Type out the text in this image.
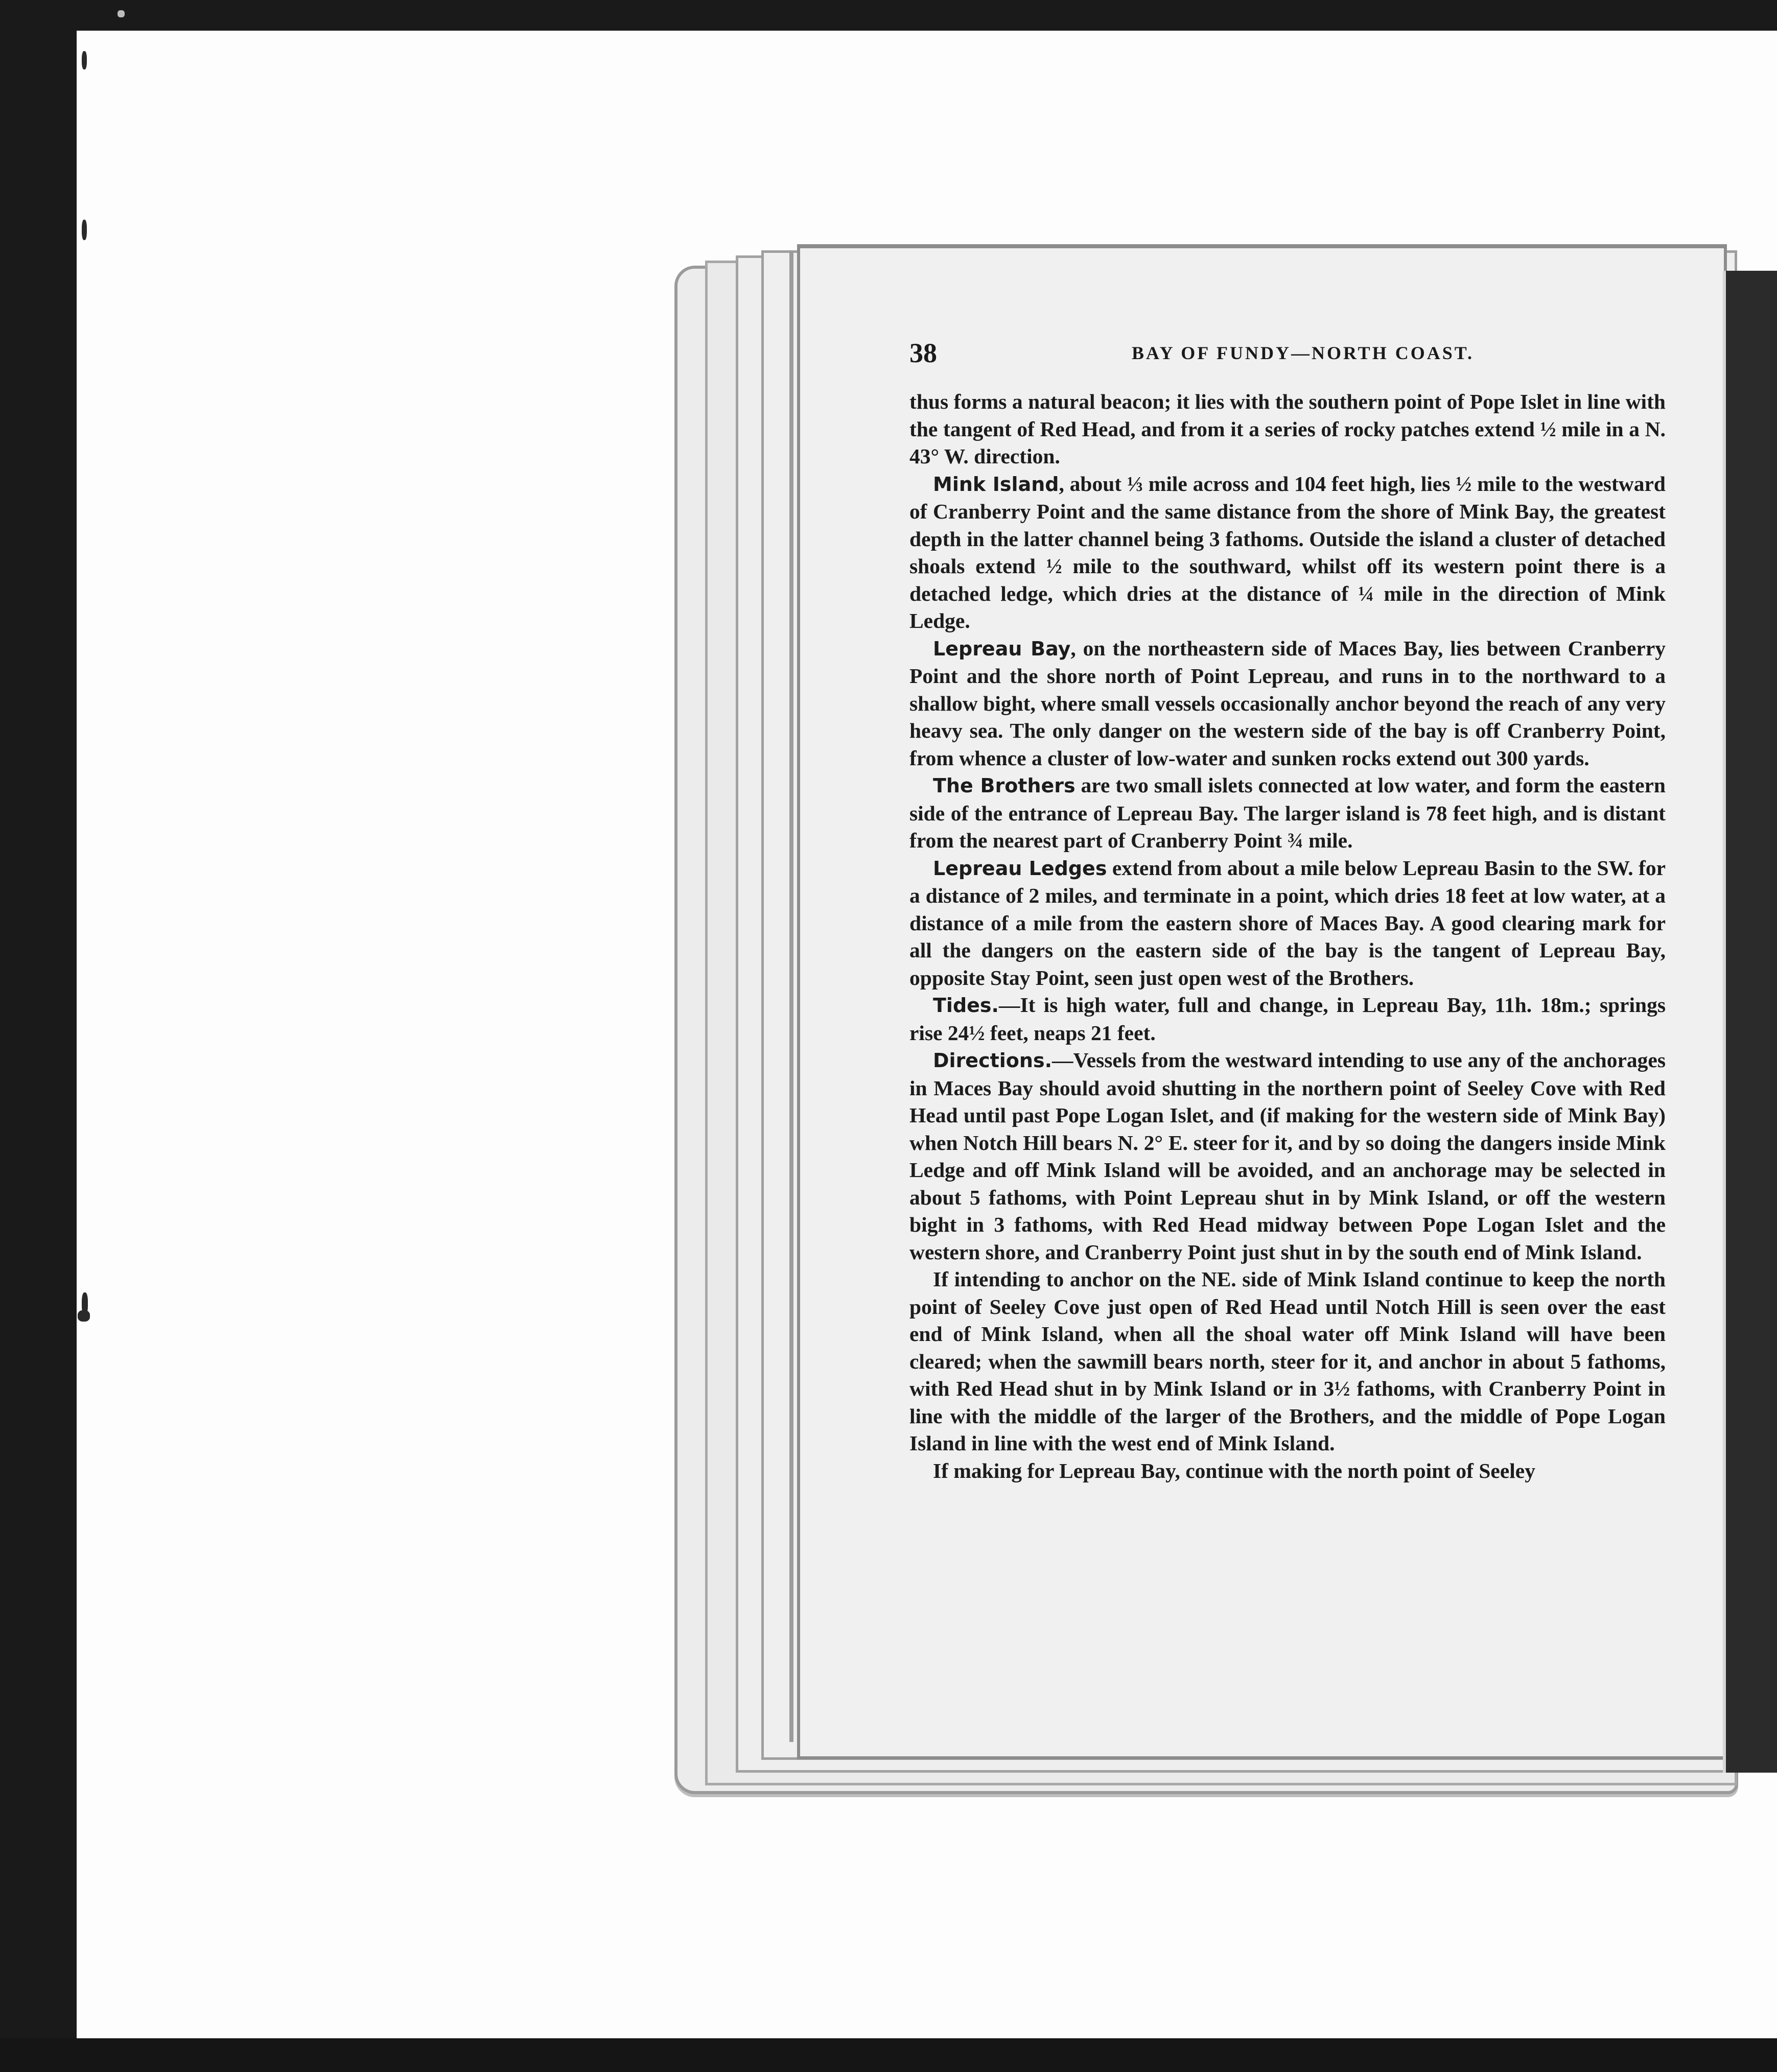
38	BAY OF FUNDY—NORTH COAST.

thus forms a natural beacon; it lies with the southern point of Pope Islet in line with the tangent of Red Head, and from it a series of rocky patches extend ½ mile in a N. 43° W. direction.

Mink Island, about ⅓ mile across and 104 feet high, lies ½ mile to the westward of Cranberry Point and the same distance from the shore of Mink Bay, the greatest depth in the latter channel being 3 fathoms. Outside the island a cluster of detached shoals extend ½ mile to the southward, whilst off its western point there is a detached ledge, which dries at the distance of ¼ mile in the direction of Mink Ledge.

Lepreau Bay, on the northeastern side of Maces Bay, lies between Cranberry Point and the shore north of Point Lepreau, and runs in to the northward to a shallow bight, where small vessels occasionally anchor beyond the reach of any very heavy sea. The only danger on the western side of the bay is off Cranberry Point, from whence a cluster of low-water and sunken rocks extend out 300 yards.

The Brothers are two small islets connected at low water, and form the eastern side of the entrance of Lepreau Bay. The larger island is 78 feet high, and is distant from the nearest part of Cranberry Point ¾ mile.

Lepreau Ledges extend from about a mile below Lepreau Basin to the SW. for a distance of 2 miles, and terminate in a point, which dries 18 feet at low water, at a distance of a mile from the eastern shore of Maces Bay. A good clearing mark for all the dangers on the eastern side of the bay is the tangent of Lepreau Bay, opposite Stay Point, seen just open west of the Brothers.

Tides.—It is high water, full and change, in Lepreau Bay, 11h. 18m.; springs rise 24½ feet, neaps 21 feet.

Directions.—Vessels from the westward intending to use any of the anchorages in Maces Bay should avoid shutting in the northern point of Seeley Cove with Red Head until past Pope Logan Islet, and (if making for the western side of Mink Bay) when Notch Hill bears N. 2° E. steer for it, and by so doing the dangers inside Mink Ledge and off Mink Island will be avoided, and an anchorage may be selected in about 5 fathoms, with Point Lepreau shut in by Mink Island, or off the western bight in 3 fathoms, with Red Head midway between Pope Logan Islet and the western shore, and Cranberry Point just shut in by the south end of Mink Island.

If intending to anchor on the NE. side of Mink Island continue to keep the north point of Seeley Cove just open of Red Head until Notch Hill is seen over the east end of Mink Island, when all the shoal water off Mink Island will have been cleared; when the sawmill bears north, steer for it, and anchor in about 5 fathoms, with Red Head shut in by Mink Island or in 3½ fathoms, with Cranberry Point in line with the middle of the larger of the Brothers, and the middle of Pope Logan Island in line with the west end of Mink Island.

If making for Lepreau Bay, continue with the north point of Seeley
